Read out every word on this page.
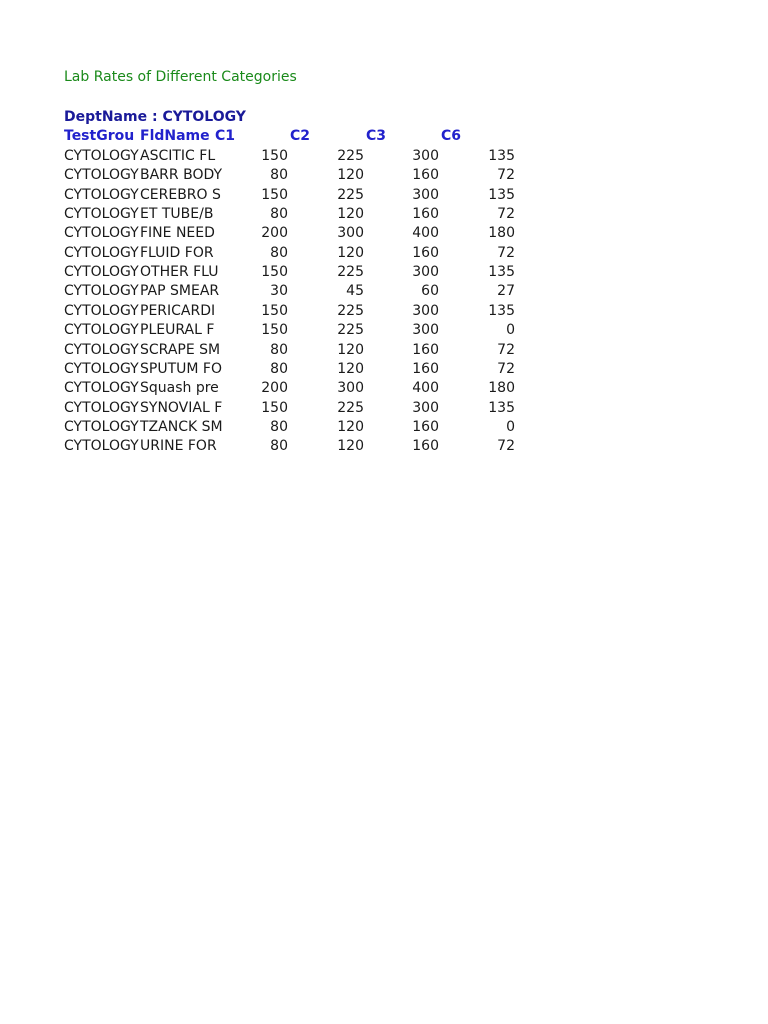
Lab Rates of Different Categories
DeptName : CYTOLOGY
TestGrou FldName C1	C2	C3	C6
CYTOLOGY ASCITIC FL	150	225	300	135
CYTOLOGY BARR BODY	80	120	160	72
CYTOLOGY CEREBRO S	150	225	300	135
CYTOLOGY ET TUBE/B	80	120	160	72
CYTOLOGY FINE NEED	200	300	400	180
CYTOLOGY FLUID FOR	80	120	160	72
CYTOLOGY OTHER FLU	150	225	300	135
CYTOLOGY PAP SMEAR	30	45	60	27
CYTOLOGY PERICARDI	150	225	300	135
CYTOLOGY PLEURAL F	150	225	300	0
CYTOLOGY SCRAPE SM	80	120	160	72
CYTOLOGY SPUTUM FO	80	120	160	72
CYTOLOGY Squash pre	200	300	400	180
CYTOLOGY SYNOVIAL F	150	225	300	135
CYTOLOGY TZANCK SM	80	120	160	0
CYTOLOGY URINE FOR	80	120	160	72
